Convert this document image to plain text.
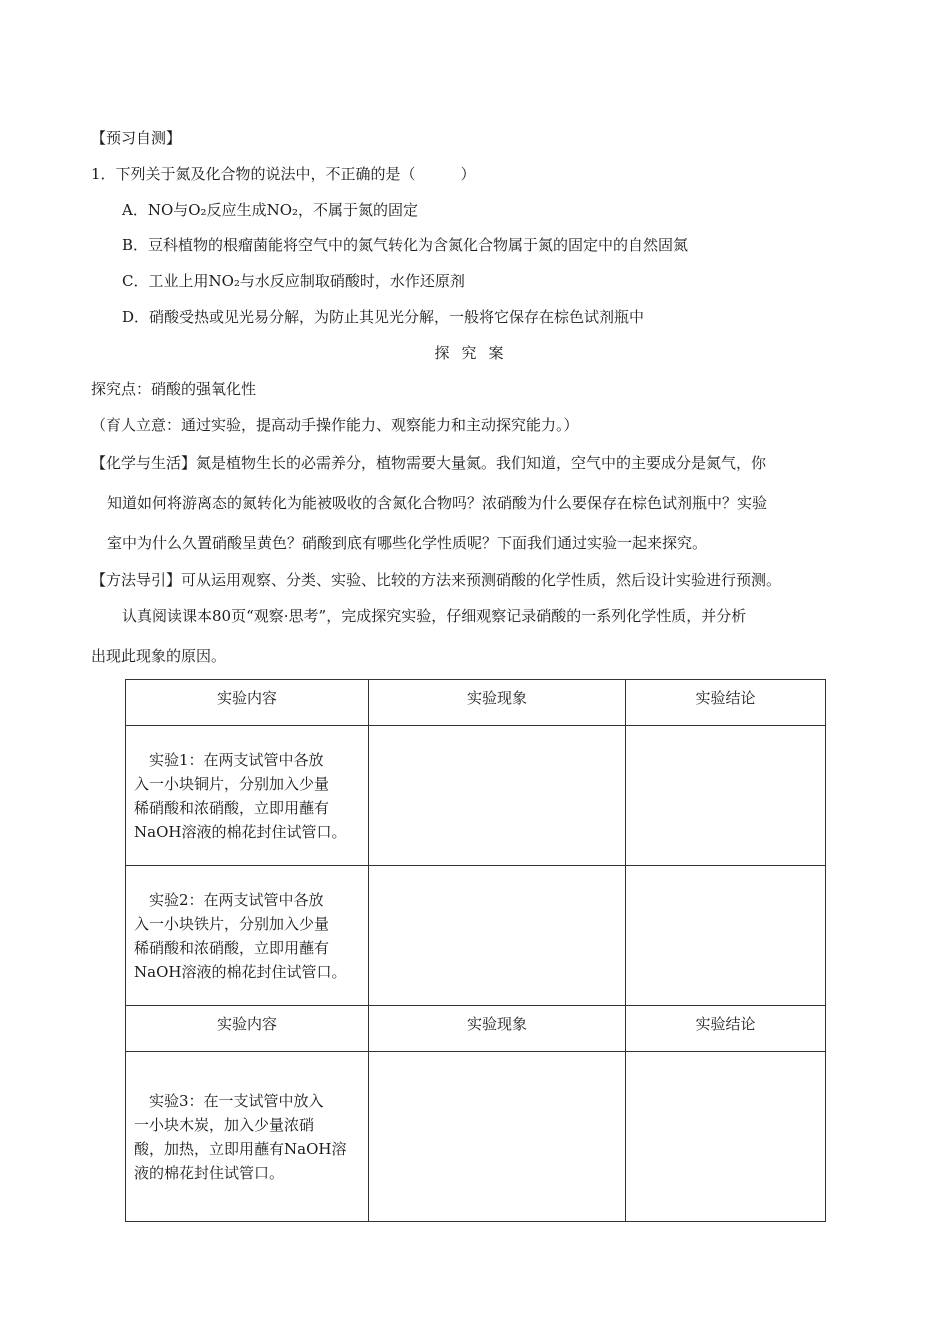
【预习自测】
1．下列关于氮及化合物的说法中，不正确的是（　　　）
A．NO与O₂反应生成NO₂，不属于氮的固定
B．豆科植物的根瘤菌能将空气中的氮气转化为含氮化合物属于氮的固定中的自然固氮
C．工业上用NO₂与水反应制取硝酸时，水作还原剂
D．硝酸受热或见光易分解，为防止其见光分解，一般将它保存在棕色试剂瓶中
探究案
探究点：硝酸的强氧化性
（育人立意：通过实验，提高动手操作能力、观察能力和主动探究能力。）
【化学与生活】氮是植物生长的必需养分，植物需要大量氮。我们知道，空气中的主要成分是氮气，你
知道如何将游离态的氮转化为能被吸收的含氮化合物吗？浓硝酸为什么要保存在棕色试剂瓶中？实验
室中为什么久置硝酸呈黄色？硝酸到底有哪些化学性质呢？下面我们通过实验一起来探究。
【方法导引】可从运用观察、分类、实验、比较的方法来预测硝酸的化学性质，然后设计实验进行预测。
认真阅读课本80页“观察·思考”，完成探究实验，仔细观察记录硝酸的一系列化学性质，并分析
出现此现象的原因。
实验内容	实验现象	实验结论

实验1：在两支试管中各放
入一小块铜片，分别加入少量
稀硝酸和浓硝酸，立即用蘸有
NaOH溶液的棉花封住试管口。		

实验2：在两支试管中各放
入一小块铁片，分别加入少量
稀硝酸和浓硝酸，立即用蘸有
NaOH溶液的棉花封住试管口。		

实验内容	实验现象	实验结论

实验3：在一支试管中放入
一小块木炭，加入少量浓硝
酸，加热，立即用蘸有NaOH溶
液的棉花封住试管口。		
